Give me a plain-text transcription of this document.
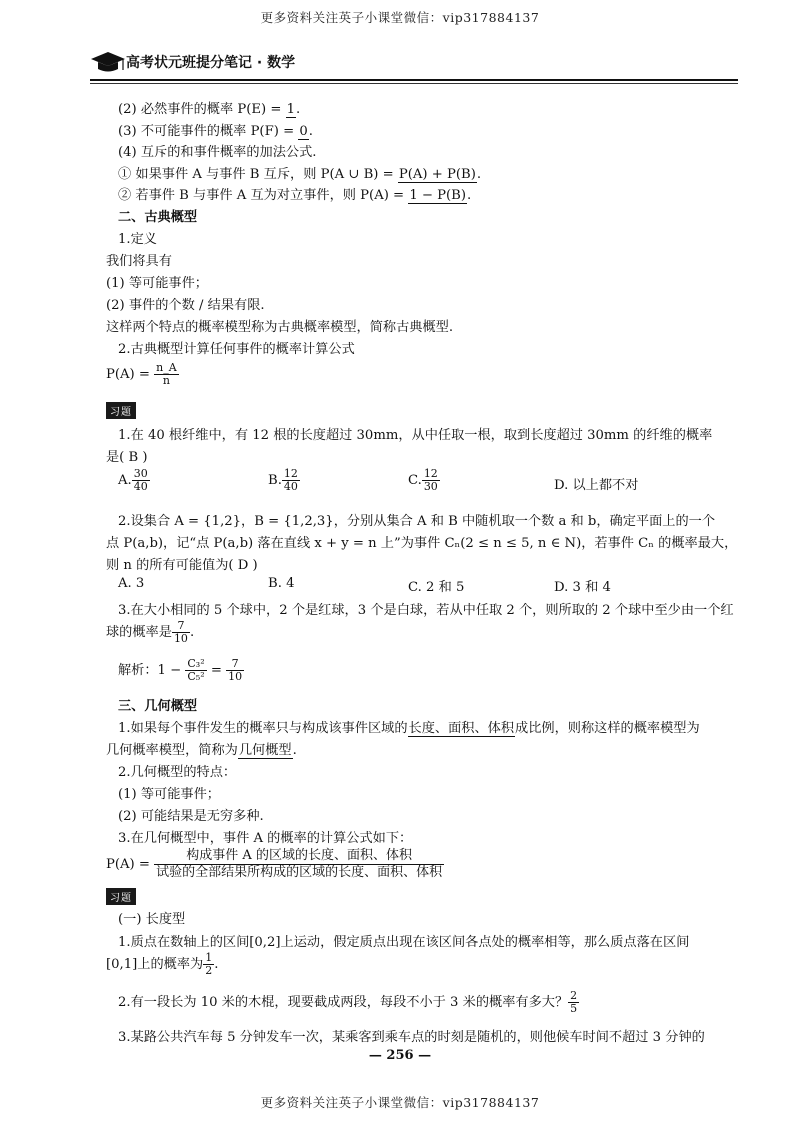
更多资料关注英子小课堂微信：vip317884137
高考状元班提分笔记 · 数学
(2) 必然事件的概率 P(E) = 1.
(3) 不可能事件的概率 P(F) = 0.
(4) 互斥的和事件概率的加法公式.
① 如果事件 A 与事件 B 互斥，则 P(A ∪ B) = P(A) + P(B).
② 若事件 B 与事件 A 互为对立事件，则 P(A) = 1 − P(B).
二、古典概型
1.定义
我们将具有
(1) 等可能事件；
(2) 事件的个数 / 结果有限.
这样两个特点的概率模型称为古典概率模型，简称古典概型.
2.古典概型计算任何事件的概率计算公式
$P(A) = \frac{n\_A}{n}$
习题
1.在 40 根纤维中，有 12 根的长度超过 30mm，从中任取一根，取到长度超过 30mm 的纤维的概率
是( B )
A. $\frac{30}{40}$	B. $\frac{12}{40}$	C. $\frac{12}{30}$	D. 以上都不对
2.设集合 A = {1,2}，B = {1,2,3}，分别从集合 A 和 B 中随机取一个数 a 和 b，确定平面上的一个
点 P(a,b)，记“点 P(a,b) 落在直线 x + y = n 上”为事件 Cₙ(2 ≤ n ≤ 5, n ∈ N)，若事件 Cₙ 的概率最大，
则 n 的所有可能值为( D )
A. 3	B. 4	C. 2 和 5	D. 3 和 4
3.在大小相同的 5 个球中，2 个是红球，3 个是白球，若从中任取 2 个，则所取的 2 个球中至少由一个红
球的概率是 $\frac{7}{10}$ .
解析：$1 - \frac{\text{C₃²}}{\text{C₅²}} = \frac{7}{10}$
三、几何概型
1.如果每个事件发生的概率只与构成该事件区域的长度、面积、体积成比例，则称这样的概率模型为
几何概率模型，简称为几何概型.
2.几何概型的特点：
(1) 等可能事件；
(2) 可能结果是无穷多种.
3.在几何概型中，事件 A 的概率的计算公式如下：
$P(A) = \frac{\text{构成事件 A 的区域的长度、面积、体积}}{\text{试验的全部结果所构成的区域的长度、面积、体积}}$
习题
(一) 长度型
1.质点在数轴上的区间[0,2]上运动，假定质点出现在该区间各点处的概率相等，那么质点落在区间
[0,1]上的概率为 $\frac{1}{2}$ .
2.有一段长为 10 米的木棍，现要截成两段，每段不小于 3 米的概率有多大？ $\frac{2}{5}$
3.某路公共汽车每 5 分钟发车一次，某乘客到乘车点的时刻是随机的，则他候车时间不超过 3 分钟的
— 256 —
更多资料关注英子小课堂微信：vip317884137
